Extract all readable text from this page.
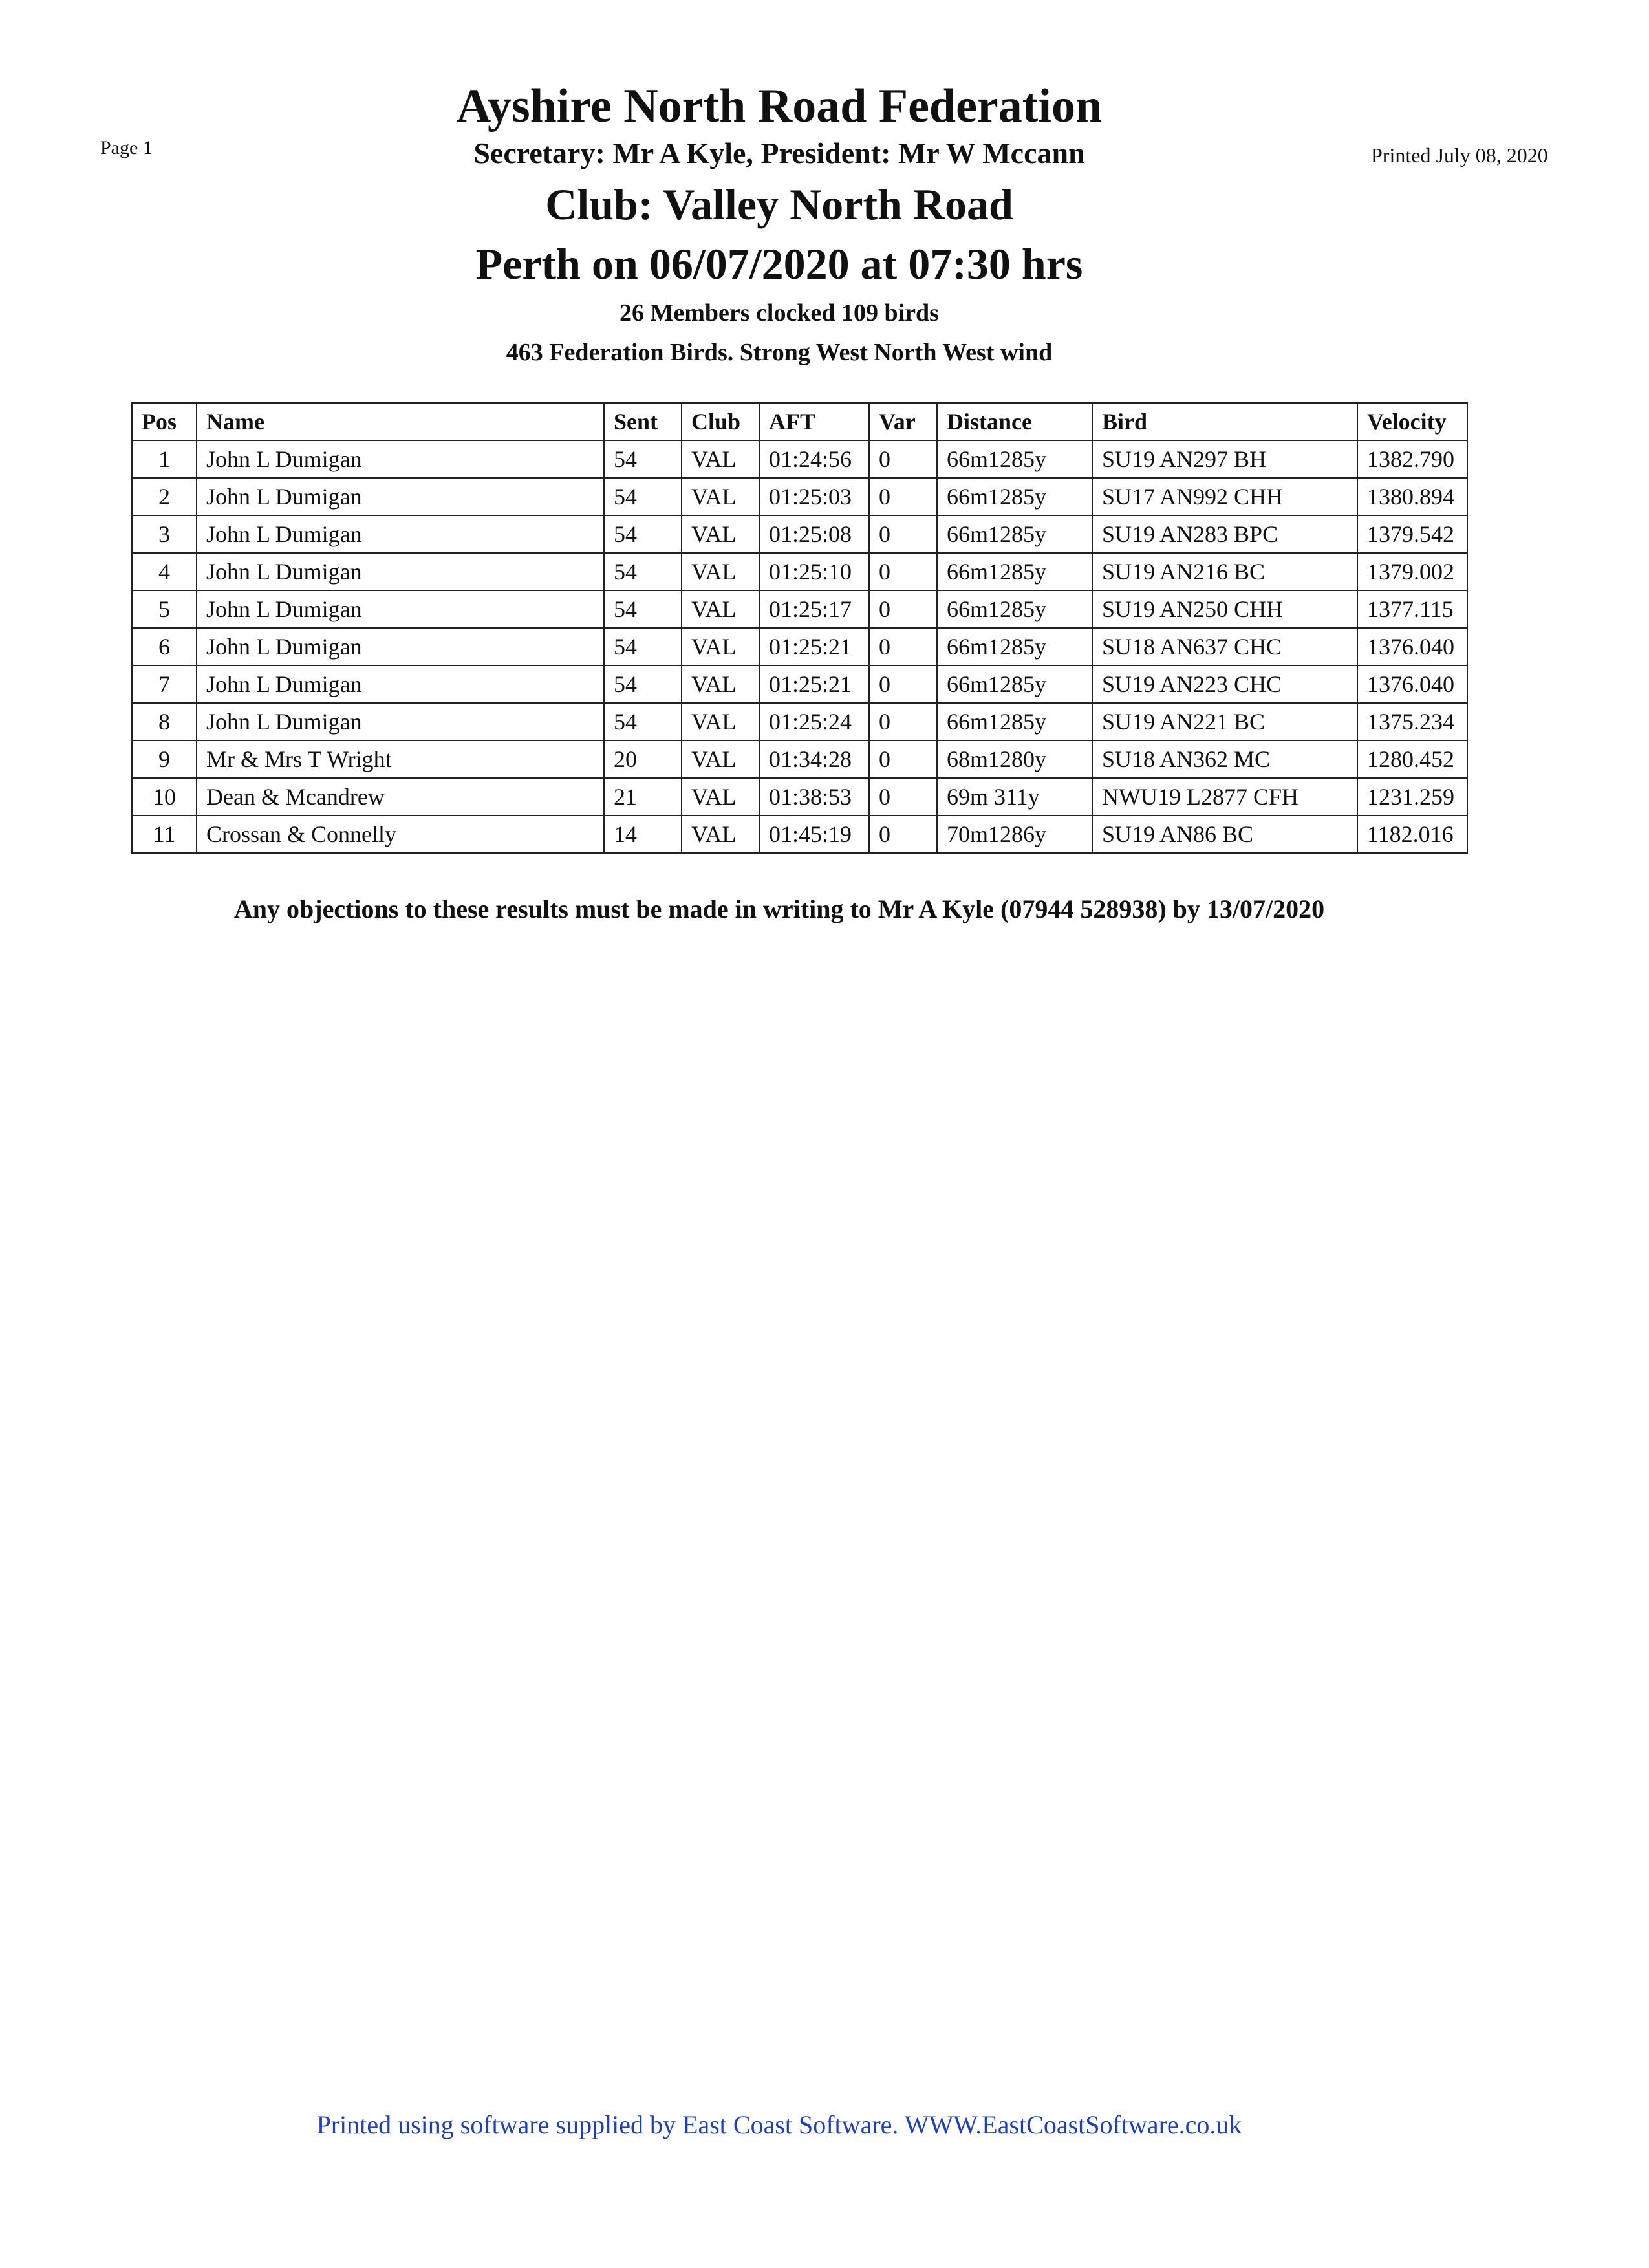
Page 1	Printed July 08, 2020
Ayshire North Road Federation
Secretary: Mr A Kyle, President: Mr W Mccann
Club: Valley North Road
Perth on 06/07/2020 at 07:30 hrs
26 Members clocked 109 birds
463 Federation Birds. Strong West North West wind
Pos	Name	Sent	Club	AFT	Var	Distance	Bird	Velocity
1	John L Dumigan	54	VAL	01:24:56	0	66m1285y	SU19 AN297 BH	1382.790
2	John L Dumigan	54	VAL	01:25:03	0	66m1285y	SU17 AN992 CHH	1380.894
3	John L Dumigan	54	VAL	01:25:08	0	66m1285y	SU19 AN283 BPC	1379.542
4	John L Dumigan	54	VAL	01:25:10	0	66m1285y	SU19 AN216 BC	1379.002
5	John L Dumigan	54	VAL	01:25:17	0	66m1285y	SU19 AN250 CHH	1377.115
6	John L Dumigan	54	VAL	01:25:21	0	66m1285y	SU18 AN637 CHC	1376.040
7	John L Dumigan	54	VAL	01:25:21	0	66m1285y	SU19 AN223 CHC	1376.040
8	John L Dumigan	54	VAL	01:25:24	0	66m1285y	SU19 AN221 BC	1375.234
9	Mr & Mrs T Wright	20	VAL	01:34:28	0	68m1280y	SU18 AN362 MC	1280.452
10	Dean & Mcandrew	21	VAL	01:38:53	0	69m 311y	NWU19 L2877 CFH	1231.259
11	Crossan & Connelly	14	VAL	01:45:19	0	70m1286y	SU19 AN86 BC	1182.016
Any objections to these results must be made in writing to Mr A Kyle (07944 528938) by 13/07/2020
Printed using software supplied by East Coast Software. WWW.EastCoastSoftware.co.uk
